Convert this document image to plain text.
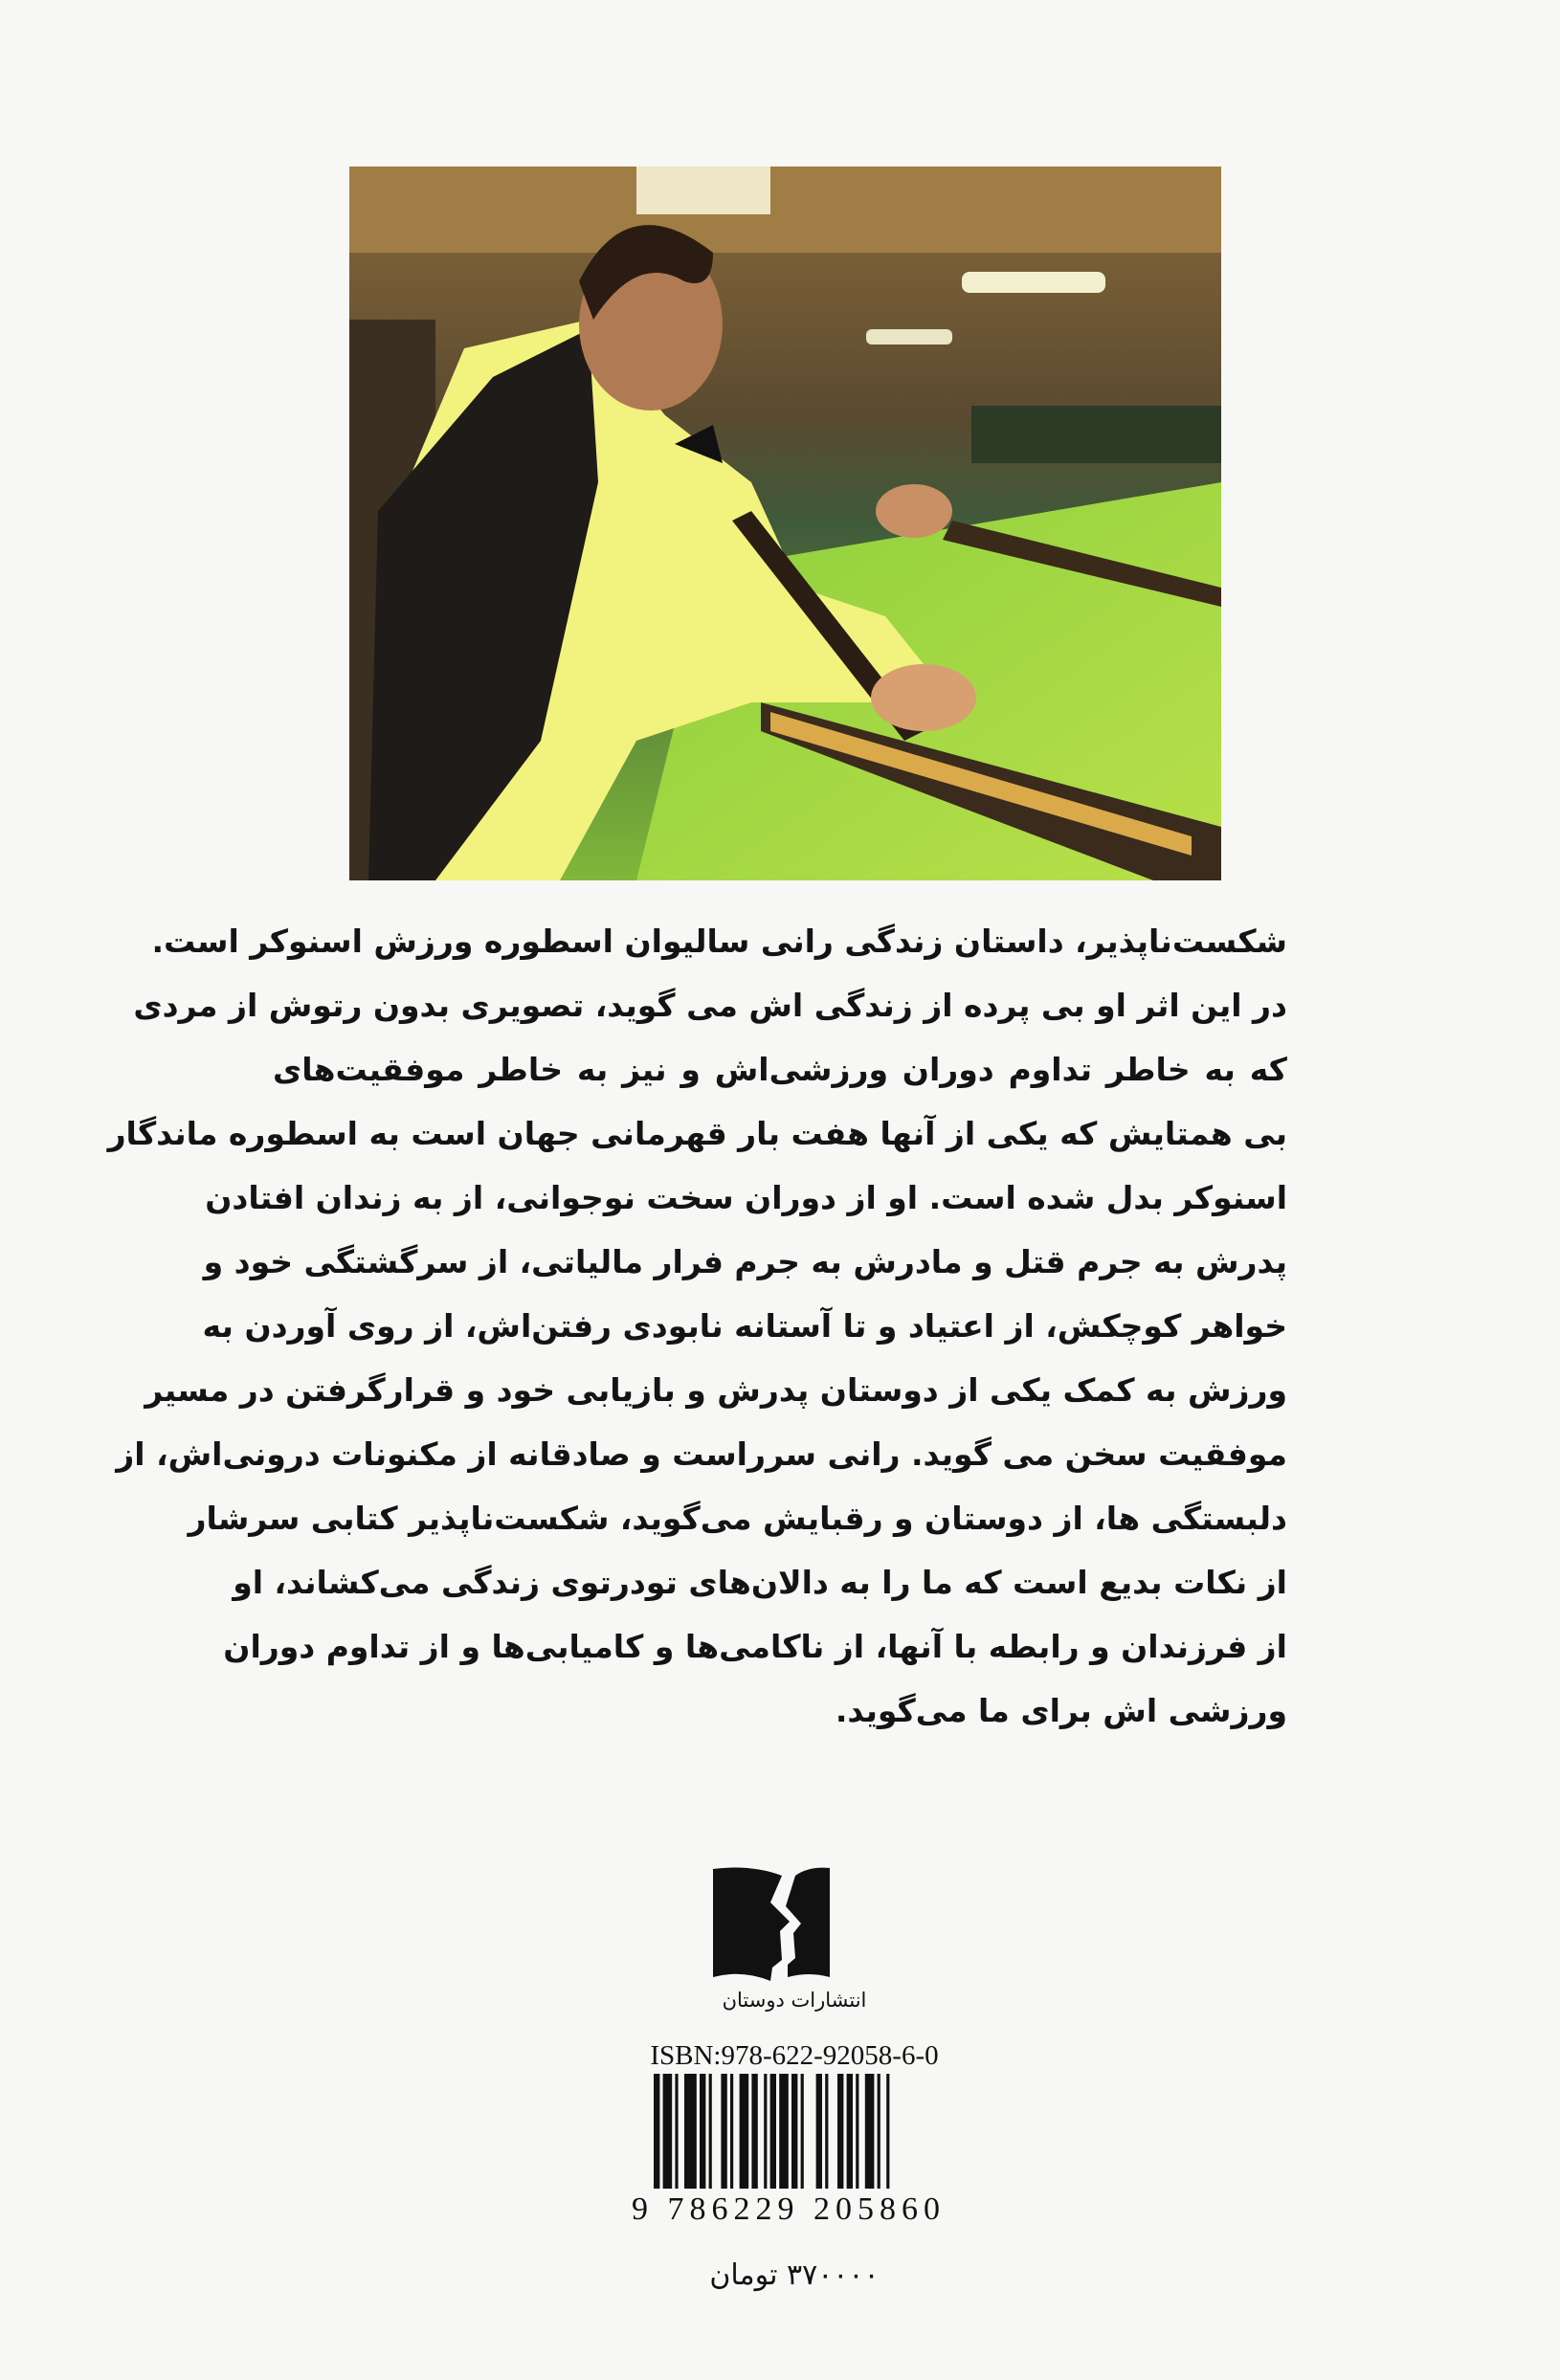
شکست‌ناپذیر، داستان زندگی رانی سالیوان اسطوره ورزش اسنوکر است.
در این اثر او بی پرده از زندگی اش می گوید، تصویری بدون رتوش از مردی
که به خاطر تداوم دوران ورزشی‌اش و نیز به خاطر موفقیت‌های
بی همتایش که یکی از آنها هفت بار قهرمانی جهان است به اسطوره ماندگار
اسنوکر بدل شده است. او از دوران سخت نوجوانی، از به زندان افتادن
پدرش به جرم قتل و مادرش به جرم فرار مالیاتی، از سرگشتگی خود و
خواهر کوچکش، از اعتیاد و تا آستانه نابودی رفتن‌اش، از روی آوردن به
ورزش به کمک یکی از دوستان پدرش و بازیابی خود و قرارگرفتن در مسیر
موفقیت سخن می گوید. رانی سرراست و صادقانه از مکنونات درونی‌اش، از
دلبستگی ها، از دوستان و رقبایش می‌گوید، شکست‌ناپذیر کتابی سرشار
از نکات بدیع است که ما را به دالان‌های تودرتوی زندگی می‌کشاند، او
از فرزندان و رابطه با آنها، از ناکامی‌ها و کامیابی‌ها و از تداوم دوران
ورزشی اش برای ما می‌گوید.
انتشارات دوستان
ISBN:978-622-92058-6-0
9 786229 205860
۳۷۰۰۰۰ تومان
